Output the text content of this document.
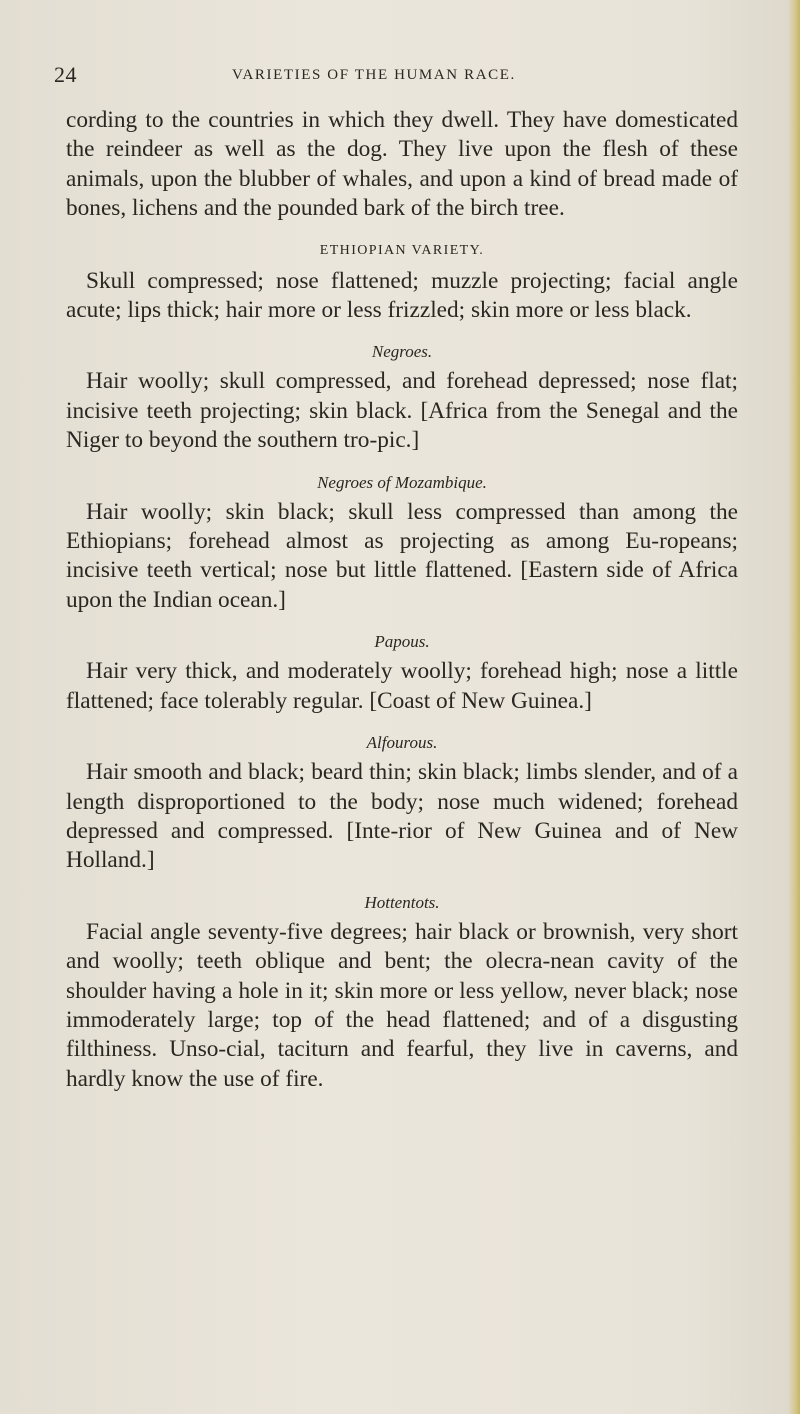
24	VARIETIES OF THE HUMAN RACE.

cording to the countries in which they dwell. They have domesticated the reindeer as well as the dog. They live upon the flesh of these animals, upon the blubber of whales, and upon a kind of bread made of bones, lichens and the pounded bark of the birch tree.

ETHIOPIAN VARIETY.

Skull compressed; nose flattened; muzzle projecting; facial angle acute; lips thick; hair more or less frizzled; skin more or less black.

Negroes.

Hair woolly; skull compressed, and forehead depressed; nose flat; incisive teeth projecting; skin black. [Africa from the Senegal and the Niger to beyond the southern tro-pic.]

Negroes of Mozambique.

Hair woolly; skin black; skull less compressed than among the Ethiopians; forehead almost as projecting as among Eu-ropeans; incisive teeth vertical; nose but little flattened. [Eastern side of Africa upon the Indian ocean.]

Papous.

Hair very thick, and moderately woolly; forehead high; nose a little flattened; face tolerably regular. [Coast of New Guinea.]

Alfourous.

Hair smooth and black; beard thin; skin black; limbs slender, and of a length disproportioned to the body; nose much widened; forehead depressed and compressed. [Inte-rior of New Guinea and of New Holland.]

Hottentots.

Facial angle seventy-five degrees; hair black or brownish, very short and woolly; teeth oblique and bent; the olecra-nean cavity of the shoulder having a hole in it; skin more or less yellow, never black; nose immoderately large; top of the head flattened; and of a disgusting filthiness. Unso-cial, taciturn and fearful, they live in caverns, and hardly know the use of fire.
